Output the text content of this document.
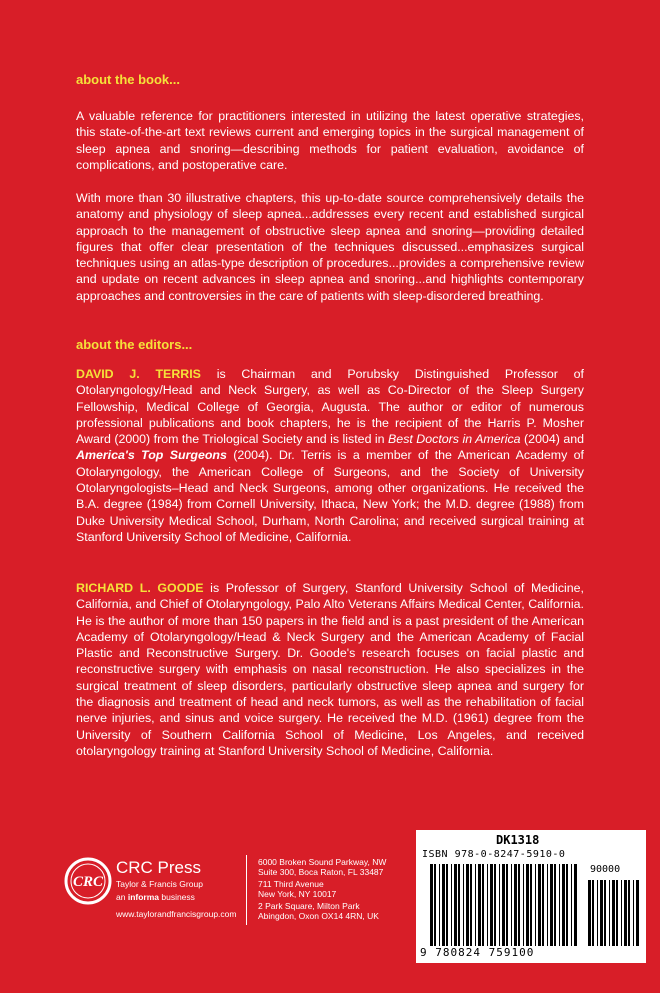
about the book...

A valuable reference for practitioners interested in utilizing the latest operative strategies, this state-of-the-art text reviews current and emerging topics in the surgical management of sleep apnea and snoring—describing methods for patient evaluation, avoidance of complications, and postoperative care.

With more than 30 illustrative chapters, this up-to-date source comprehensively details the anatomy and physiology of sleep apnea...addresses every recent and established surgical approach to the management of obstructive sleep apnea and snoring—providing detailed figures that offer clear presentation of the techniques discussed...emphasizes surgical techniques using an atlas-type description of procedures...provides a comprehensive review and update on recent advances in sleep apnea and snoring...and highlights contemporary approaches and controversies in the care of patients with sleep-disordered breathing.

about the editors...

DAVID J. TERRIS is Chairman and Porubsky Distinguished Professor of Otolaryngology/Head and Neck Surgery, as well as Co-Director of the Sleep Surgery Fellowship, Medical College of Georgia, Augusta. The author or editor of numerous professional publications and book chapters, he is the recipient of the Harris P. Mosher Award (2000) from the Triological Society and is listed in Best Doctors in America (2004) and America's Top Surgeons (2004). Dr. Terris is a member of the American Academy of Otolaryngology, the American College of Surgeons, and the Society of University Otolaryngologists–Head and Neck Surgeons, among other organizations. He received the B.A. degree (1984) from Cornell University, Ithaca, New York; the M.D. degree (1988) from Duke University Medical School, Durham, North Carolina; and received surgical training at Stanford University School of Medicine, California.

RICHARD L. GOODE is Professor of Surgery, Stanford University School of Medicine, California, and Chief of Otolaryngology, Palo Alto Veterans Affairs Medical Center, California. He is the author of more than 150 papers in the field and is a past president of the American Academy of Otolaryngology/Head & Neck Surgery and the American Academy of Facial Plastic and Reconstructive Surgery. Dr. Goode's research focuses on facial plastic and reconstructive surgery with emphasis on nasal reconstruction. He also specializes in the surgical treatment of sleep disorders, particularly obstructive sleep apnea and surgery for the diagnosis and treatment of head and neck tumors, as well as the rehabilitation of facial nerve injuries, and sinus and voice surgery. He received the M.D. (1961) degree from the University of Southern California School of Medicine, Los Angeles, and received otolaryngology training at Stanford University School of Medicine, California.

CRC
CRC Press
Taylor & Francis Group
an informa business
www.taylorandfrancisgroup.com
6000 Broken Sound Parkway, NW
Suite 300, Boca Raton, FL 33487
711 Third Avenue
New York, NY 10017
2 Park Square, Milton Park
Abingdon, Oxon OX14 4RN, UK
DK1318
ISBN 978-0-8247-5910-0
90000
9 780824 759100
